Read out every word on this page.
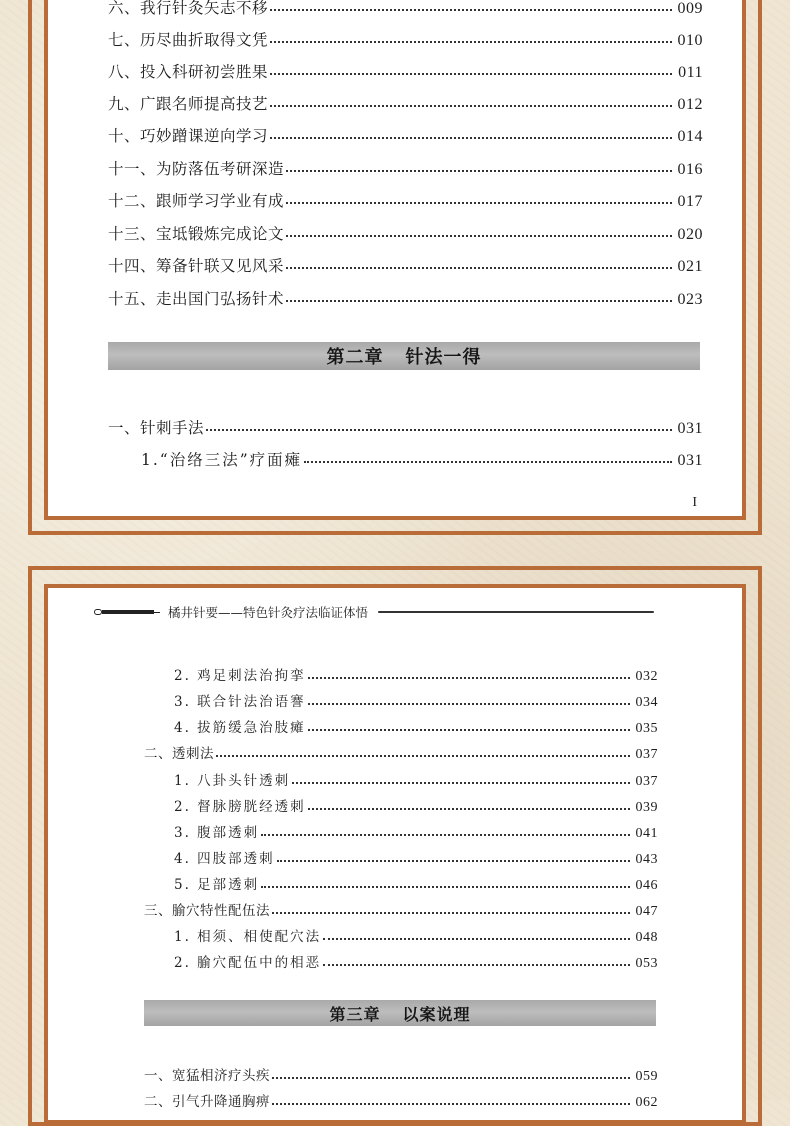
六、我行针灸矢志不移	009
七、历尽曲折取得文凭	010
八、投入科研初尝胜果	011
九、广跟名师提高技艺	012
十、巧妙蹭课逆向学习	014
十一、为防落伍考研深造	016
十二、跟师学习学业有成	017
十三、宝坻锻炼完成论文	020
十四、筹备针联又见风采	021
十五、走出国门弘扬针术	023
第二章 针法一得
一、针刺手法	031
1.“治络三法”疗面瘫	031
I
橘井针要——特色针灸疗法临证体悟
2. 鸡足刺法治拘挛	032
3. 联合针法治语謇	034
4. 拔筋缓急治肢瘫	035
二、透刺法	037
1. 八卦头针透刺	037
2. 督脉膀胱经透刺	039
3. 腹部透刺	041
4. 四肢部透刺	043
5. 足部透刺	046
三、腧穴特性配伍法	047
1. 相须、相使配穴法	048
2. 腧穴配伍中的相恶	053
第三章 以案说理
一、宽猛相济疗头疾	059
二、引气升降通胸痹	062
